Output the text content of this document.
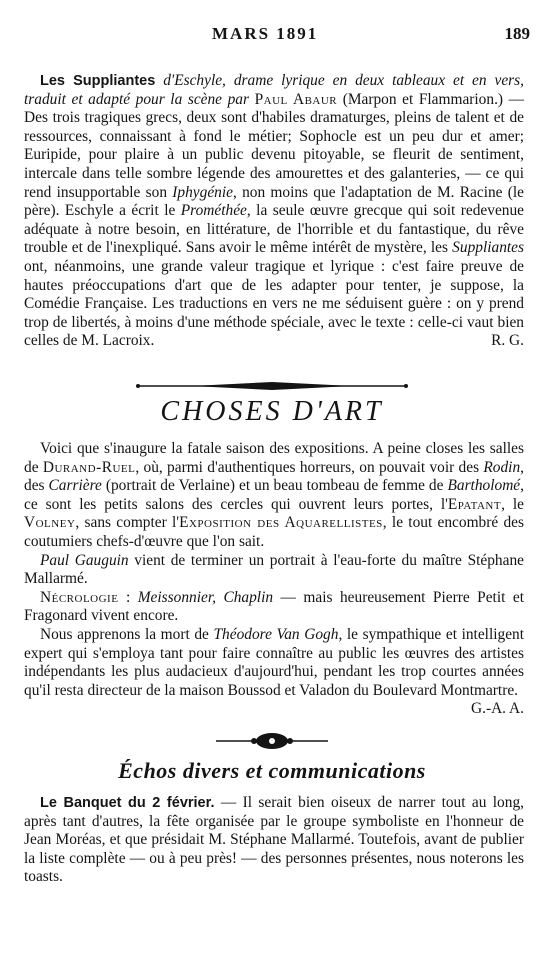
MARS 1891	189

Les Suppliantes d'Eschyle, drame lyrique en deux tableaux et en vers, traduit et adapté pour la scène par Paul Abaur (Marpon et Flammarion.) — Des trois tragiques grecs, deux sont d'habiles dramaturges, pleins de talent et de ressources, connaissant à fond le métier; Sophocle est un peu dur et amer; Euripide, pour plaire à un public devenu pitoyable, se fleurit de sentiment, intercale dans telle sombre légende des amourettes et des galanteries, — ce qui rend insupportable son Iphygénie, non moins que l'adaptation de M. Racine (le père). Eschyle a écrit le Prométhée, la seule œuvre grecque qui soit redevenue adéquate à notre besoin, en littérature, de l'horrible et du fantastique, du rêve trouble et de l'inexpliqué. Sans avoir le même intérêt de mystère, les Suppliantes ont, néanmoins, une grande valeur tragique et lyrique : c'est faire preuve de hautes préoccupations d'art que de les adapter pour tenter, je suppose, la Comédie Française. Les traductions en vers ne me séduisent guère : on y prend trop de libertés, à moins d'une méthode spéciale, avec le texte : celle-ci vaut bien celles de M. Lacroix.	R. G.

CHOSES D'ART

Voici que s'inaugure la fatale saison des expositions. A peine closes les salles de Durand-Ruel, où, parmi d'authentiques horreurs, on pouvait voir des Rodin, des Carrière (portrait de Verlaine) et un beau tombeau de femme de Bartholomé, ce sont les petits salons des cercles qui ouvrent leurs portes, l'Epatant, le Volney, sans compter l'Exposition des Aquarellistes, le tout encombré des coutumiers chefs-d'œuvre que l'on sait.

Paul Gauguin vient de terminer un portrait à l'eau-forte du maître Stéphane Mallarmé.

Nécrologie : Meissonnier, Chaplin — mais heureusement Pierre Petit et Fragonard vivent encore.

Nous apprenons la mort de Théodore Van Gogh, le sympathique et intelligent expert qui s'employa tant pour faire connaître au public les œuvres des artistes indépendants les plus audacieux d'aujourd'hui, pendant les trop courtes années qu'il resta directeur de la maison Boussod et Valadon du Boulevard Montmartre.
G.-A. A.

Échos divers et communications

Le Banquet du 2 février. — Il serait bien oiseux de narrer tout au long, après tant d'autres, la fête organisée par le groupe symboliste en l'honneur de Jean Moréas, et que présidait M. Stéphane Mallarmé. Toutefois, avant de publier la liste complète — ou à peu près! — des personnes présentes, nous noterons les toasts.
